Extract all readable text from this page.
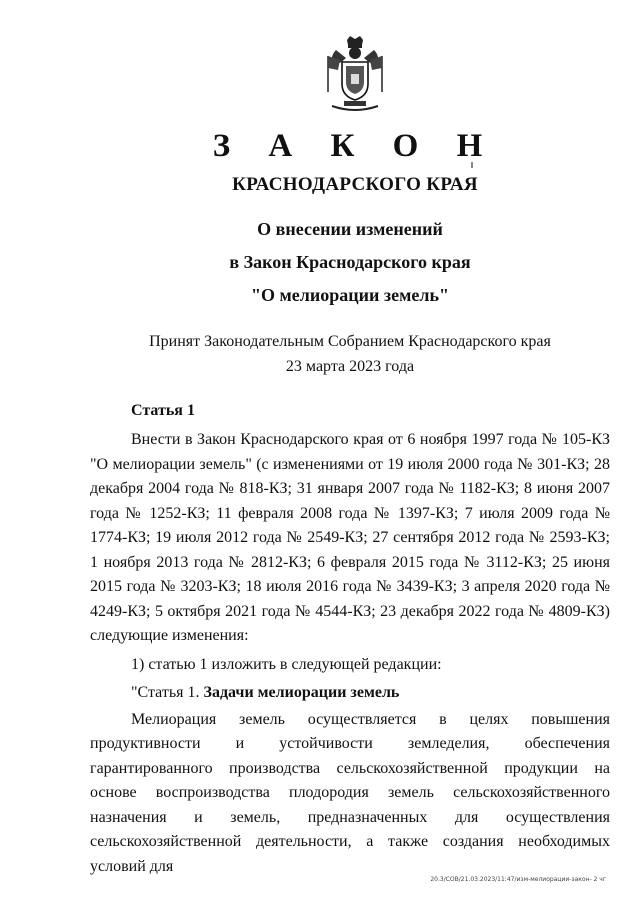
З А К О Н
КРАСНОДАРСКОГО КРАЯ
О внесении изменений
в Закон Краснодарского края
"О мелиорации земель"
Принят Законодательным Собранием Краснодарского края
23 марта 2023 года
Статья 1

Внести в Закон Краснодарского края от 6 ноября 1997 года № 105-КЗ "О мелиорации земель" (с изменениями от 19 июля 2000 года № 301-КЗ; 28 декабря 2004 года № 818-КЗ; 31 января 2007 года № 1182-КЗ; 8 июня 2007 года № 1252-КЗ; 11 февраля 2008 года № 1397-КЗ; 7 июля 2009 года № 1774-КЗ; 19 июля 2012 года № 2549-КЗ; 27 сентября 2012 года № 2593-КЗ; 1 ноября 2013 года № 2812-КЗ; 6 февраля 2015 года № 3112-КЗ; 25 июня 2015 года № 3203-КЗ; 18 июля 2016 года № 3439-КЗ; 3 апреля 2020 года № 4249-КЗ; 5 октября 2021 года № 4544-КЗ; 23 декабря 2022 года № 4809-КЗ) следующие изменения:

1) статью 1 изложить в следующей редакции:

"Статья 1. Задачи мелиорации земель

Мелиорация земель осуществляется в целях повышения продуктивности и устойчивости земледелия, обеспечения гарантированного производства сельскохозяйственной продукции на основе воспроизводства плодородия земель сельскохозяйственного назначения и земель, предназначенных для осуществления сельскохозяйственной деятельности, а также создания необходимых условий для

20.3/СОВ/21.03.2023/11:47/изм-мелиорации-закон- 2 чг
